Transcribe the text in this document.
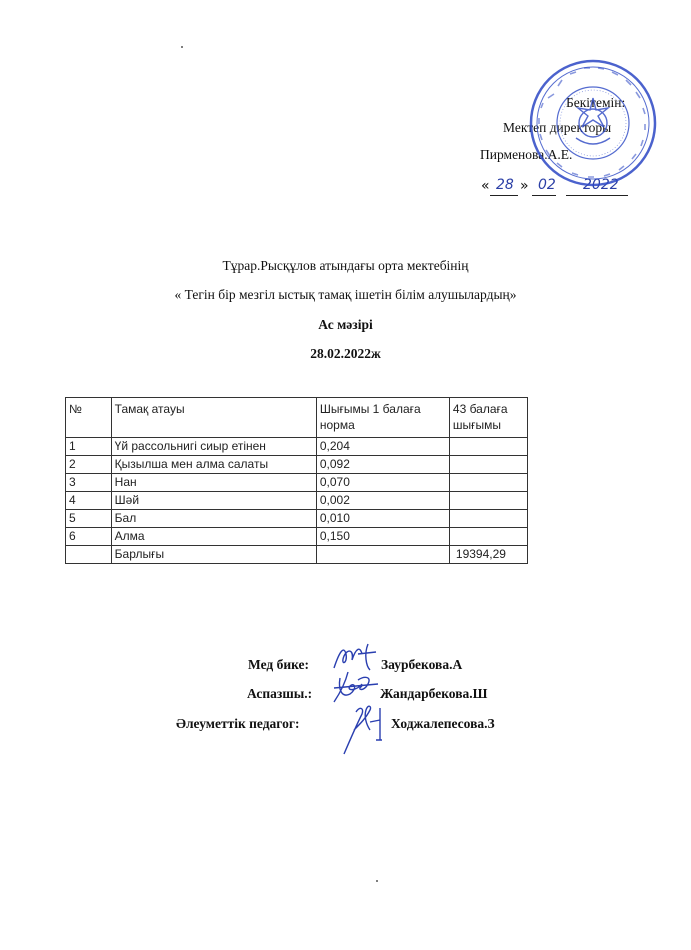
Бекітемін:
Мектеп директоры
Пирменова.А.Е.
« 28 » 02 2022
Тұрар.Рысқұлов атындағы орта мектебінің
« Тегін бір мезгіл ыстық тамақ ішетін білім алушылардың»
Ас мәзірі
28.02.2022ж
№	Тамақ атауы	Шығымы 1 балаға норма	43 балаға шығымы
1	Үй рассольнигі сиыр етінен	0,204	
2	Қызылша мен алма салаты	0,092	
3	Нан	0,070	
4	Шәй	0,002	
5	Бал	0,010	
6	Алма	0,150	
	Барлығы		19394,29
Мед бике:	Заурбекова.А
Аспазшы.:	Жандарбекова.Ш
Әлеуметтік педагог:	Ходжалепесова.З
